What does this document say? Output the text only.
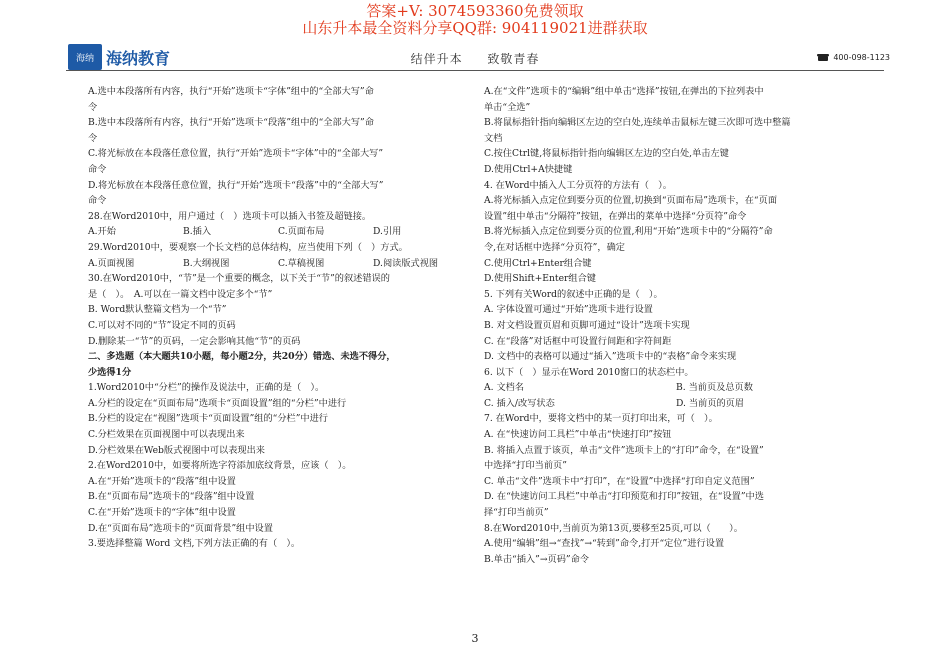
答案+V: 3074593360免费领取
山东升本最全资料分享QQ群: 904119021进群获取
海纳 海纳教育	结伴升本 致敬青春	400-098-1123

A.选中本段落所有内容，执行“开始”选项卡“字体”组中的“全部大写”命

令

B.选中本段落所有内容，执行“开始”选项卡“段落”组中的“全部大写”命

令

C.将光标放在本段落任意位置，执行“开始”选项卡“字体”中的“全部大写”

命令

D.将光标放在本段落任意位置，执行“开始”选项卡“段落”中的“全部大写”

命令

28.在Word2010中，用户通过（　）选项卡可以插入书签及超链接。

A.开始	B.插入	C.页面布局	D.引用

29.Word2010中，要观察一个长文档的总体结构，应当使用下列（　）方式。

A.页面视图	B.大纲视图	C.草稿视图	D.阅读版式视图

30.在Word2010中，“节”是一个重要的概念，以下关于“节”的叙述错误的

是（　）。　A.可以在一篇文档中设定多个“节”

B. Word默认整篇文档为一个“节”

C.可以对不同的“节”设定不同的页码

D.删除某一“节”的页码，一定会影响其他“节”的页码

二、多选题（本大题共10小题，每小题2分，共20分）错选、未选不得分，

少选得1分

1.Word2010中“分栏”的操作及说法中，正确的是（　）。

A.分栏的设定在“页面布局”选项卡“页面设置”组的“分栏”中进行

B.分栏的设定在“视图”选项卡“页面设置”组的“分栏”中进行

C.分栏效果在页面视图中可以表现出来

D.分栏效果在Web版式视图中可以表现出来

2.在Word2010中，如要将所选字符添加底纹背景，应该（　）。

A.在“开始”选项卡的“段落”组中设置

B.在“页面布局”选项卡的“段落”组中设置

C.在“开始”选项卡的“字体”组中设置

D.在“页面布局”选项卡的“页面背景”组中设置

3.要选择整篇 Word 文档,下列方法正确的有（　）。

A.在“文件”选项卡的“编辑”组中单击“选择”按钮,在弹出的下拉列表中

单击“全选”

B.将鼠标指针指向编辑区左边的空白处,连续单击鼠标左键三次即可选中整篇

文档

C.按住Ctrl键,将鼠标指针指向编辑区左边的空白处,单击左键

D.使用Ctrl+A快捷键

4. 在Word中插入人工分页符的方法有（　）。

A.将光标插入点定位到要分页的位置,切换到“页面布局”选项卡，在“页面

设置”组中单击“分隔符”按钮，在弹出的菜单中选择“分页符”命令

B.将光标插入点定位到要分页的位置,利用“开始”选项卡中的“分隔符”命

令,在对话框中选择“分页符”，确定

C.使用Ctrl+Enter组合键

D.使用Shift+Enter组合键

5. 下列有关Word的叙述中正确的是（　）。

A. 字体设置可通过“开始”选项卡进行设置

B. 对文档设置页眉和页脚可通过“设计”选项卡实现

C. 在“段落”对话框中可设置行间距和字符间距

D. 文档中的表格可以通过“插入”选项卡中的“表格”命令来实现

6. 以下（　）显示在Word 2010窗口的状态栏中。

A. 文档名	B. 当前页及总页数

C. 插入/改写状态	D. 当前页的页眉

7. 在Word中，要将文档中的某一页打印出来，可（　）。

A. 在“快速访问工具栏”中单击“快速打印”按钮

B. 将插入点置于该页，单击“文件”选项卡上的“打印”命令，在“设置”

中选择“打印当前页”

C. 单击“文件”选项卡中“打印”，在“设置”中选择“打印自定义范围”

D. 在“快速访问工具栏”中单击“打印预览和打印”按钮，在“设置”中选

择“打印当前页”

8.在Word2010中,当前页为第13页,要移至25页,可以（　　）。

A.使用“编辑”组→“查找”→“转到”命令,打开“定位”进行设置

B.单击“插入”→页码”命令

3
